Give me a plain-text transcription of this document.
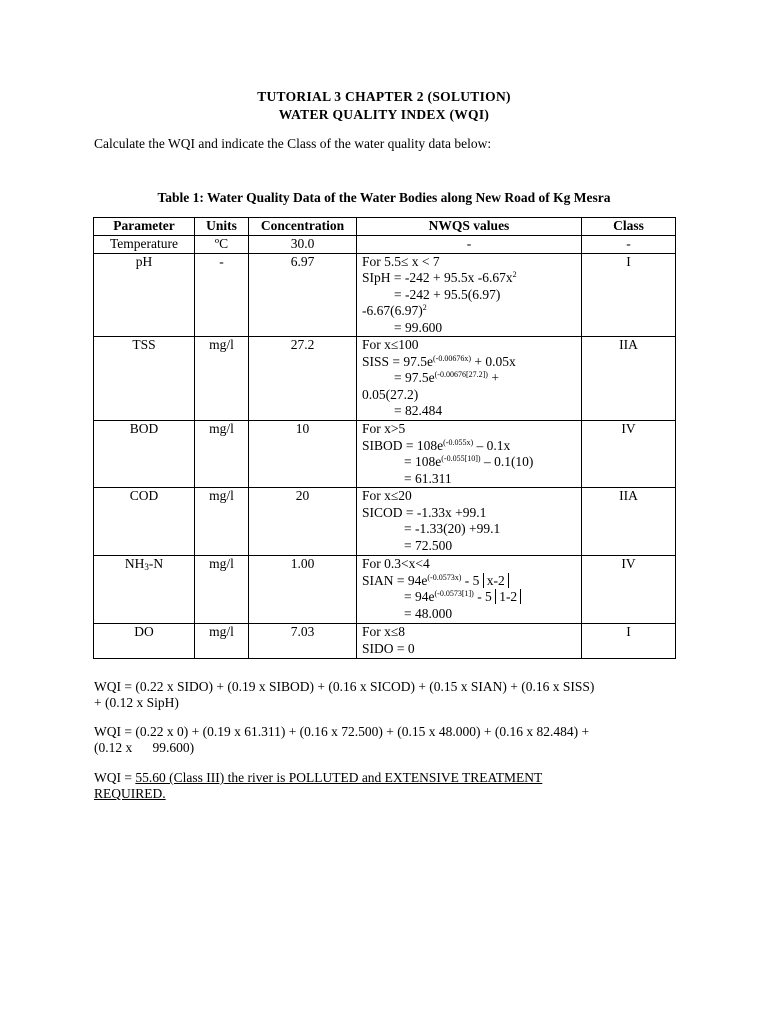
TUTORIAL 3 CHAPTER 2 (SOLUTION)
WATER QUALITY INDEX (WQI)
Calculate the WQI and indicate the Class of the water quality data below:
Table 1: Water Quality Data of the Water Bodies along New Road of Kg Mesra
Parameter	Units	Concentration	NWQS values	Class
Temperature	ºC	30.0	-	-
pH	-	6.97	For 5.5≤ x < 7
SIpH = -242 + 95.5x $-6.67x^2$
= -242 + 95.5(6.97)
$-6.67(6.97)^2$
= 99.600	I
TSS	mg/l	27.2	For x≤100
SISS = $97.5e^{(-0.00676x)} + 0.05x$
= $97.5e^{(-0.00676[27.2])}$ +
0.05(27.2)
= 82.484	IIA
BOD	mg/l	10	For x>5
SIBOD = $108e^{(-0.055x)} - 0.1x$
= $108e^{(-0.055[10])} - 0.1(10)$
= 61.311	IV
COD	mg/l	20	For x≤20
SICOD = -1.33x +99.1
= -1.33(20) +99.1
= 72.500	IIA
$NH_3-N$	mg/l	1.00	For 0.3<x<4
SIAN = $94e^{(-0.0573x)} - 5$ x-2
= $94e^{(-0.0573[1])} - 5$ 1-2
= 48.000	IV
DO	mg/l	7.03	For x≤8
SIDO = 0	I
WQI = (0.22 x SIDO) + (0.19 x SIBOD) + (0.16 x SICOD) + (0.15 x SIAN) + (0.16 x SISS)
+ (0.12 x SipH)
WQI = (0.22 x 0) + (0.19 x 61.311) + (0.16 x 72.500) + (0.15 x 48.000) + (0.16 x 82.484) +
(0.12 x      99.600)
WQI = 55.60 (Class III) the river is POLLUTED and EXTENSIVE TREATMENT
REQUIRED.
